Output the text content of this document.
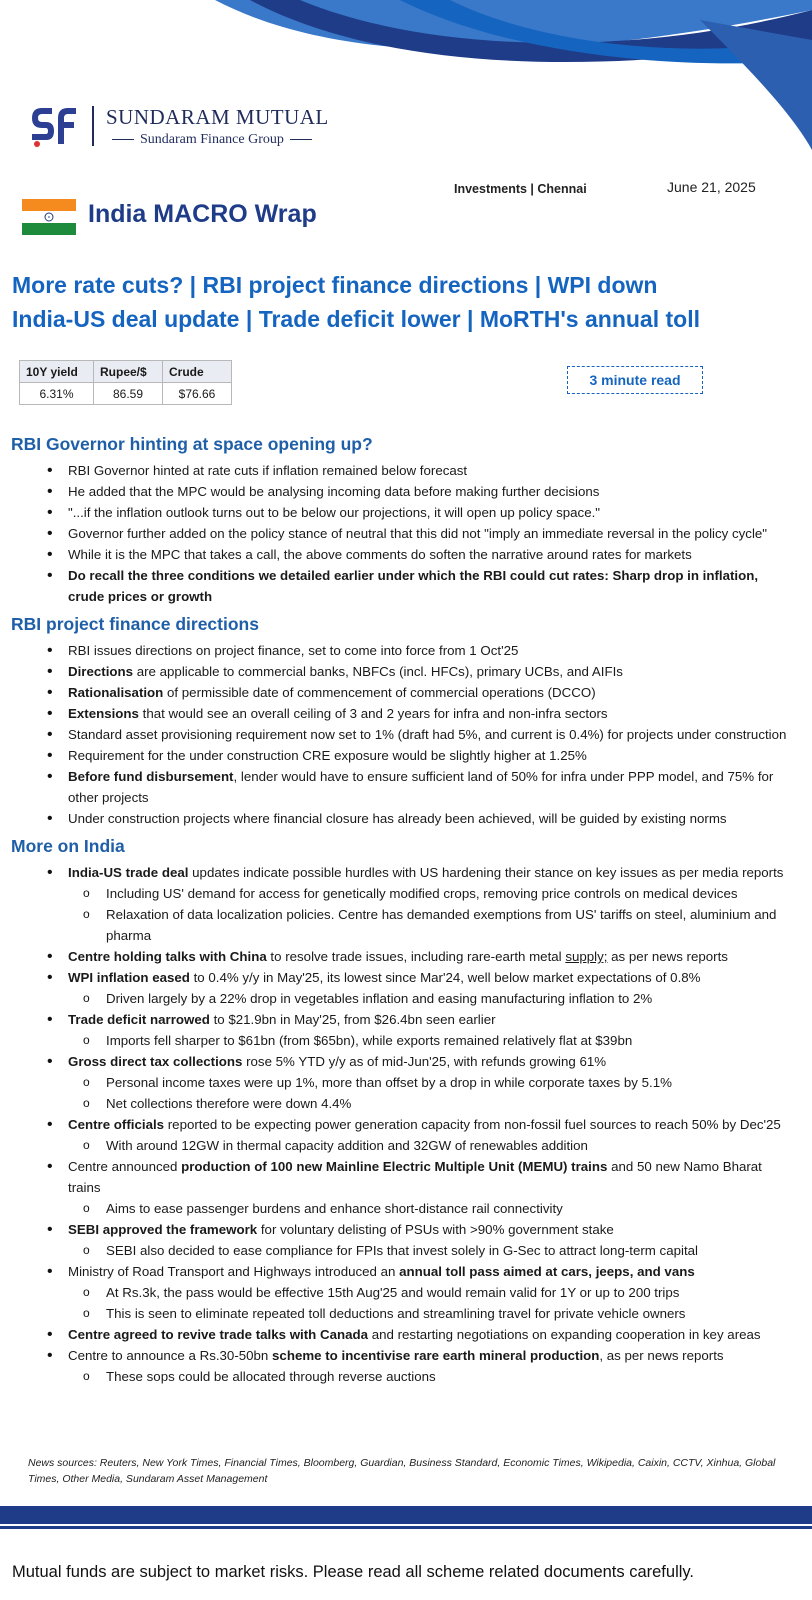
SUNDARAM MUTUAL
Sundaram Finance Group
Investments | Chennai	June 21, 2025
India MACRO Wrap
More rate cuts? | RBI project finance directions | WPI down
India-US deal update | Trade deficit lower | MoRTH's annual toll
10Y yield	Rupee/$	Crude
6.31%	86.59	$76.66
3 minute read
RBI Governor hinting at space opening up?
• RBI Governor hinted at rate cuts if inflation remained below forecast
• He added that the MPC would be analysing incoming data before making further decisions
• "...if the inflation outlook turns out to be below our projections, it will open up policy space."
• Governor further added on the policy stance of neutral that this did not "imply an immediate reversal in the policy cycle"
• While it is the MPC that takes a call, the above comments do soften the narrative around rates for markets
• Do recall the three conditions we detailed earlier under which the RBI could cut rates: Sharp drop in inflation, crude prices or growth
RBI project finance directions
• RBI issues directions on project finance, set to come into force from 1 Oct'25
• Directions are applicable to commercial banks, NBFCs (incl. HFCs), primary UCBs, and AIFIs
• Rationalisation of permissible date of commencement of commercial operations (DCCO)
• Extensions that would see an overall ceiling of 3 and 2 years for infra and non-infra sectors
• Standard asset provisioning requirement now set to 1% (draft had 5%, and current is 0.4%) for projects under construction
• Requirement for the under construction CRE exposure would be slightly higher at 1.25%
• Before fund disbursement, lender would have to ensure sufficient land of 50% for infra under PPP model, and 75% for other projects
• Under construction projects where financial closure has already been achieved, will be guided by existing norms
More on India
• India-US trade deal updates indicate possible hurdles with US hardening their stance on key issues as per media reports
o Including US' demand for access for genetically modified crops, removing price controls on medical devices
o Relaxation of data localization policies. Centre has demanded exemptions from US' tariffs on steel, aluminium and pharma
• Centre holding talks with China to resolve trade issues, including rare-earth metal supply; as per news reports
• WPI inflation eased to 0.4% y/y in May'25, its lowest since Mar'24, well below market expectations of 0.8%
o Driven largely by a 22% drop in vegetables inflation and easing manufacturing inflation to 2%
• Trade deficit narrowed to $21.9bn in May'25, from $26.4bn seen earlier
o Imports fell sharper to $61bn (from $65bn), while exports remained relatively flat at $39bn
• Gross direct tax collections rose 5% YTD y/y as of mid-Jun'25, with refunds growing 61%
o Personal income taxes were up 1%, more than offset by a drop in while corporate taxes by 5.1%
o Net collections therefore were down 4.4%
• Centre officials reported to be expecting power generation capacity from non-fossil fuel sources to reach 50% by Dec'25
o With around 12GW in thermal capacity addition and 32GW of renewables addition
• Centre announced production of 100 new Mainline Electric Multiple Unit (MEMU) trains and 50 new Namo Bharat trains
o Aims to ease passenger burdens and enhance short-distance rail connectivity
• SEBI approved the framework for voluntary delisting of PSUs with >90% government stake
o SEBI also decided to ease compliance for FPIs that invest solely in G-Sec to attract long-term capital
• Ministry of Road Transport and Highways introduced an annual toll pass aimed at cars, jeeps, and vans
o At Rs.3k, the pass would be effective 15th Aug'25 and would remain valid for 1Y or up to 200 trips
o This is seen to eliminate repeated toll deductions and streamlining travel for private vehicle owners
• Centre agreed to revive trade talks with Canada and restarting negotiations on expanding cooperation in key areas
• Centre to announce a Rs.30-50bn scheme to incentivise rare earth mineral production, as per news reports
o These sops could be allocated through reverse auctions
News sources: Reuters, New York Times, Financial Times, Bloomberg, Guardian, Business Standard, Economic Times, Wikipedia, Caixin, CCTV, Xinhua, Global Times, Other Media, Sundaram Asset Management
Mutual funds are subject to market risks. Please read all scheme related documents carefully.
